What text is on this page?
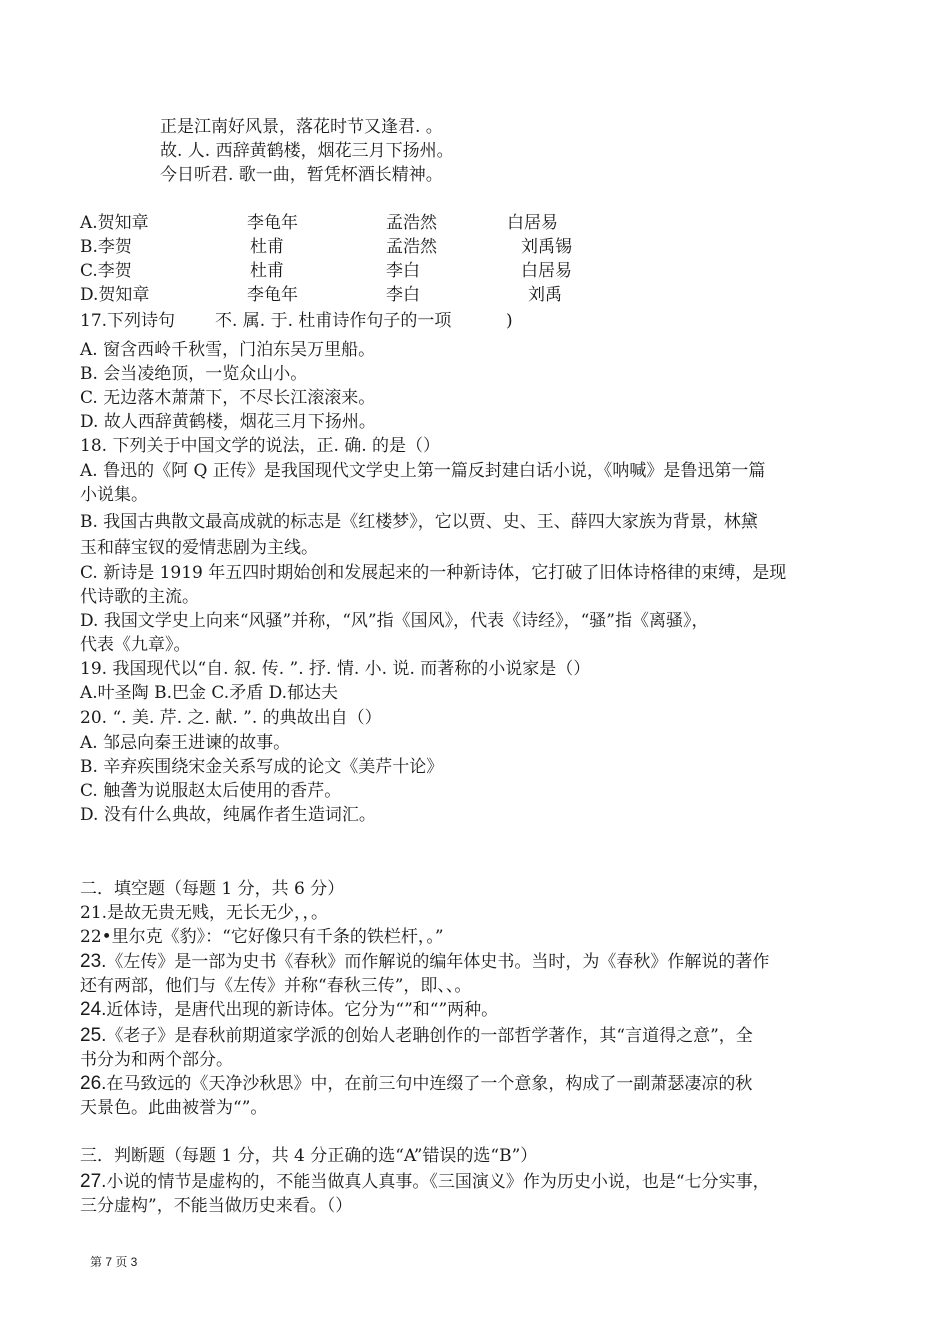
正是江南好风景，落花时节又逢君. 。
故. 人. 西辞黄鹤楼，烟花三月下扬州。
今日听君. 歌一曲，暂凭杯酒长精神。
A.贺知章	李龟年	孟浩然	白居易
B.李贺	杜甫	孟浩然	刘禹锡
C.李贺	杜甫	李白	白居易
D.贺知章	李龟年	李白	刘禹
17.下列诗句 不. 属. 于. 杜甫诗作句子的一项	)
A. 窗含西岭千秋雪，门泊东吴万里船。
B. 会当凌绝顶，一览众山小。
C. 无边落木萧萧下，不尽长江滚滚来。
D. 故人西辞黄鹤楼，烟花三月下扬州。
18. 下列关于中国文学的说法，正. 确. 的是（）
A. 鲁迅的《阿 Q 正传》是我国现代文学史上第一篇反封建白话小说，《呐喊》是鲁迅第一篇
小说集。
B. 我国古典散文最高成就的标志是《红楼梦》，它以贾、史、王、薛四大家族为背景，林黛
玉和薛宝钗的爱情悲剧为主线。
C. 新诗是 1919 年五四时期始创和发展起来的一种新诗体，它打破了旧体诗格律的束缚，是现
代诗歌的主流。
D. 我国文学史上向来“风骚”并称，“风”指《国风》，代表《诗经》，“骚”指《离骚》，
代表《九章》。
19. 我国现代以“自. 叙. 传. ”. 抒. 情. 小. 说. 而著称的小说家是（）
A.叶圣陶 B.巴金 C.矛盾 D.郁达夫
20. “. 美. 芹. 之. 献. ”. 的典故出自（）
A. 邹忌向秦王进谏的故事。
B. 辛弃疾围绕宋金关系写成的论文《美芹十论》
C. 触詟为说服赵太后使用的香芹。
D. 没有什么典故，纯属作者生造词汇。
二．填空题（每题 1 分，共 6 分）
21.是故无贵无贱，无长无少，，。
22•里尔克《豹》：“它好像只有千条的铁栏杆，。”
23.《左传》是一部为史书《春秋》而作解说的编年体史书。当时，为《春秋》作解说的著作
还有两部，他们与《左传》并称“春秋三传”，即、、。
24.近体诗，是唐代出现的新诗体。它分为“”和“”两种。
25.《老子》是春秋前期道家学派的创始人老聃创作的一部哲学著作，其“言道得之意”，全
书分为和两个部分。
26.在马致远的《天净沙秋思》中，在前三句中连缀了一个意象，构成了一副萧瑟凄凉的秋
天景色。此曲被誉为“”。
三．判断题（每题 1 分，共 4 分正确的选“A”错误的选“B”）
27.小说的情节是虚构的，不能当做真人真事。《三国演义》作为历史小说，也是“七分实事，
三分虚构”，不能当做历史来看。（）
第 7 页 3
